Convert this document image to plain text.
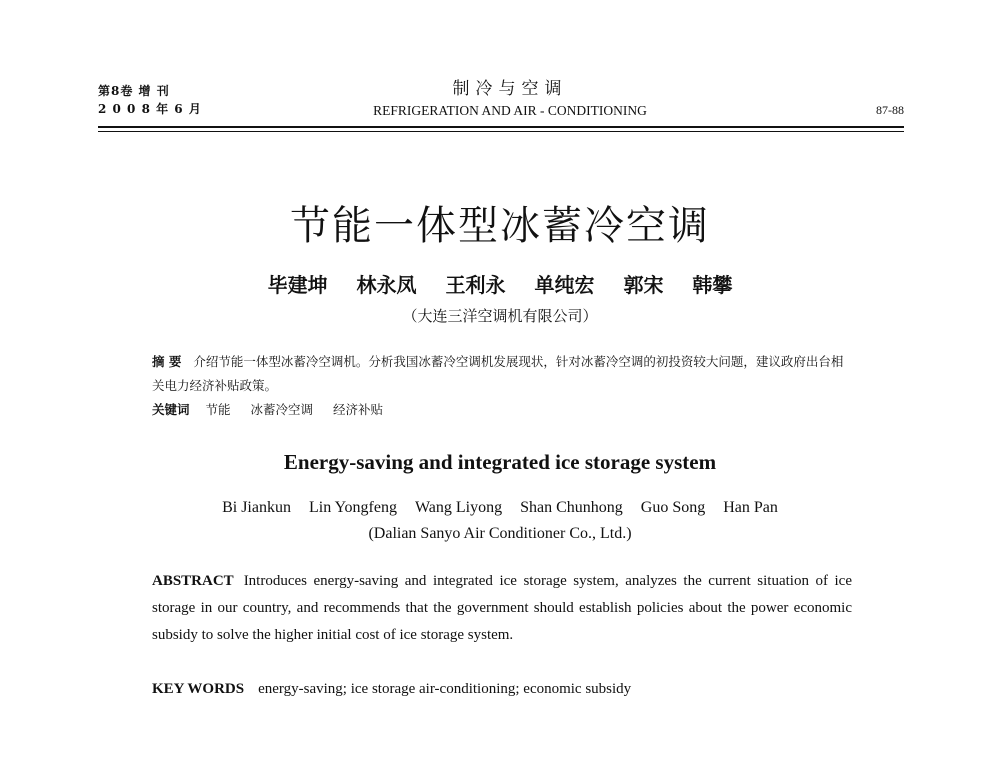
第8卷 增 刊
2 0 0 8 年 6 月
制冷与空调
REFRIGERATION AND AIR - CONDITIONING	87-88
节能一体型冰蓄冷空调
毕建坤 林永凤 王利永 单纯宏 郭宋 韩攀
（大连三洋空调机有限公司）
摘 要 介绍节能一体型冰蓄冷空调机。分析我国冰蓄冷空调机发展现状，针对冰蓄冷空调的初投资较大问题，建议政府出台相关电力经济补贴政策。
关键词 节能 冰蓄冷空调 经济补贴
Energy-saving and integrated ice storage system
Bi Jiankun Lin Yongfeng Wang Liyong Shan Chunhong Guo Song Han Pan
(Dalian Sanyo Air Conditioner Co., Ltd.)
ABSTRACT Introduces energy-saving and integrated ice storage system, analyzes the current situation of ice storage in our country, and recommends that the government should establish policies about the power economic subsidy to solve the higher initial cost of ice storage system.
KEY WORDS energy-saving; ice storage air-conditioning; economic subsidy
